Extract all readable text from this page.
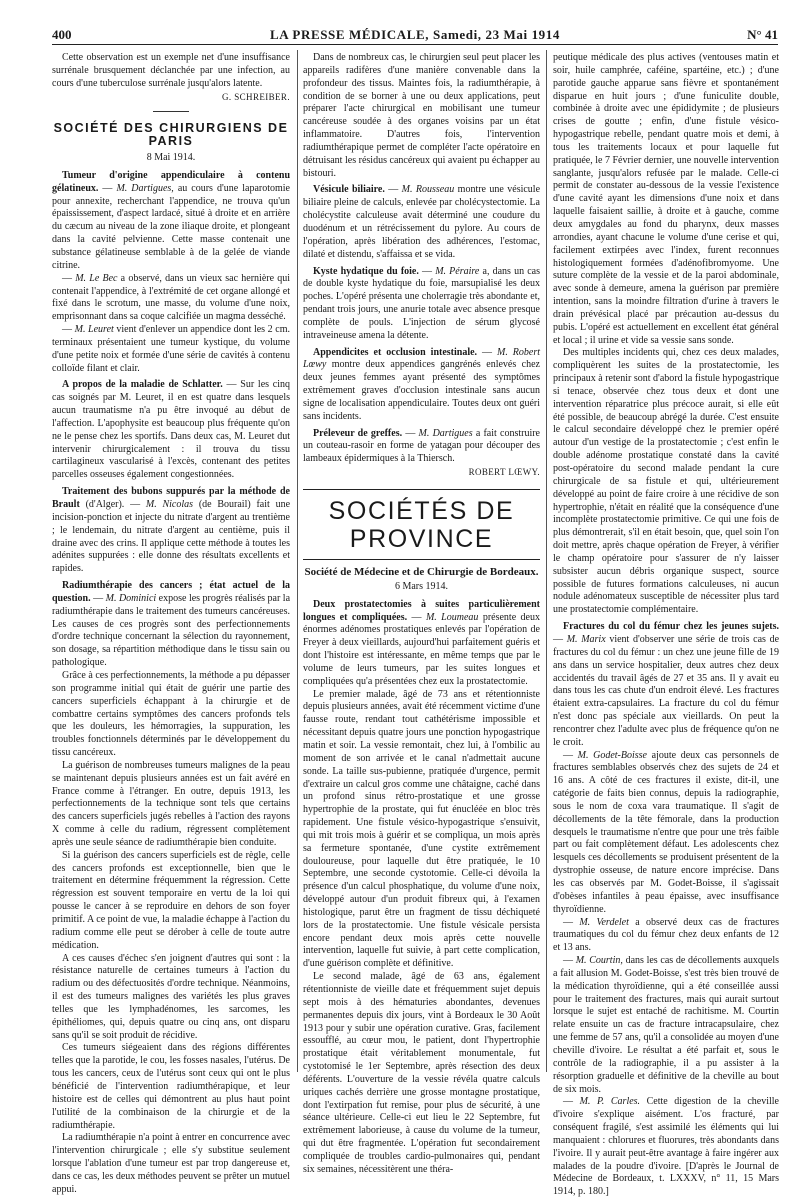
400	LA PRESSE MÉDICALE, Samedi, 23 Mai 1914	N° 41

Cette observation est un exemple net d'une insuffisance surrénale brusquement déclanchée par une infection, au cours d'une tuberculose surrénale jusqu'alors latente.

G. SCHREIBER.

SOCIÉTÉ DES CHIRURGIENS DE PARIS
8 Mai 1914.

Tumeur d'origine appendiculaire à contenu gélatineux. — M. Dartigues, au cours d'une laparotomie pour annexite, recherchant l'appendice, ne trouva qu'un épaississement, d'aspect lardacé, situé à droite et en arrière du cæcum au niveau de la zone iliaque droite, et plongeant dans la cavité pelvienne. Cette masse contenait une substance gélatineuse semblable à de la gelée de viande citrine.

— M. Le Bec a observé, dans un vieux sac hernière qui contenait l'appendice, à l'extrémité de cet organe allongé et fixé dans le scrotum, une masse, du volume d'une noix, emprisonnant dans sa coque calcifiée un magma desséché.

— M. Leuret vient d'enlever un appendice dont les 2 cm. terminaux présentaient une tumeur kystique, du volume d'une petite noix et formée d'une série de cavités à contenu colloïde filant et clair.

A propos de la maladie de Schlatter. — Sur les cinq cas soignés par M. Leuret, il en est quatre dans lesquels aucun traumatisme n'a pu être invoqué au début de l'affection. L'apophysite est beaucoup plus fréquente qu'on ne le pense chez les sportifs. Dans deux cas, M. Leuret dut intervenir chirurgicalement : il trouva du tissu cartilagineux vascularisé à l'excès, contenant des petites parcelles osseuses également congestionnées.

Traitement des bubons suppurés par la méthode de Brault (d'Alger). — M. Nicolas (de Bourail) fait une incision-ponction et injecte du nitrate d'argent au trentième ; le lendemain, du nitrate d'argent au centième, puis il draine avec des crins. Il applique cette méthode à toutes les adénites suppurées : elle donne des résultats excellents et rapides.

Radiumthérapie des cancers ; état actuel de la question. — M. Dominici expose les progrès réalisés par la radiumthérapie dans le traitement des tumeurs cancéreuses. Les causes de ces progrès sont des perfectionnements d'ordre technique concernant la sélection du rayonnement, son dosage, sa répartition méthodique dans le tissu sain ou pathologique.

Grâce à ces perfectionnements, la méthode a pu dépasser son programme initial qui était de guérir une partie des cancers superficiels échappant à la chirurgie et de combattre certains symptômes des cancers profonds tels que les douleurs, les hémorragies, la suppuration, les troubles fonctionnels déterminés par le développement du tissu cancéreux.

La guérison de nombreuses tumeurs malignes de la peau se maintenant depuis plusieurs années est un fait avéré en France comme à l'étranger. En outre, depuis 1913, les perfectionnements de la technique sont tels que certains des cancers superficiels jugés rebelles à l'action des rayons X comme à celle du radium, régressent complètement après une seule séance de radiumthérapie bien conduite.

Si la guérison des cancers superficiels est de règle, celle des cancers profonds est exceptionnelle, bien que le traitement en détermine fréquemment la régression. Cette régression est souvent temporaire en vertu de la loi qui pousse le cancer à se reproduire en dehors de son foyer primitif. A ce point de vue, la maladie échappe à l'action du radium comme elle peut se dérober à celle de toute autre médication.

A ces causes d'échec s'en joignent d'autres qui sont : la résistance naturelle de certaines tumeurs à l'action du radium ou des défectuosités d'ordre technique. Néanmoins, il est des tumeurs malignes des variétés les plus graves telles que les lymphadénomes, les sarcomes, les épithéliomes, qui, depuis quatre ou cinq ans, ont disparu sans qu'il se soit produit de récidive.

Ces tumeurs siégeaient dans des régions différentes telles que la parotide, le cou, les fosses nasales, l'utérus. De tous les cancers, ceux de l'utérus sont ceux qui ont le plus bénéficié de l'intervention radiumthérapique, et leur histoire est de celles qui démontrent au plus haut point l'utilité de la combinaison de la chirurgie et de la radiumthérapie.

La radiumthérapie n'a point à entrer en concurrence avec l'intervention chirurgicale ; elle s'y substitue seulement lorsque l'ablation d'une tumeur est par trop dangereuse et, dans ce cas, les deux méthodes peuvent se prêter un mutuel appui.

Dans de nombreux cas, le chirurgien seul peut placer les appareils radifères d'une manière convenable dans la profondeur des tissus. Maintes fois, la radiumthérapie, à condition de se borner à une ou deux applications, peut préparer l'acte chirurgical en mobilisant une tumeur cancéreuse soudée à des organes voisins par un état inflammatoire. D'autres fois, l'intervention radiumthérapique permet de compléter l'acte opératoire en détruisant les résidus cancéreux qui avaient pu échapper au bistouri.

Vésicule biliaire. — M. Rousseau montre une vésicule biliaire pleine de calculs, enlevée par cholécystectomie. La cholécystite calculeuse avait déterminé une coudure du duodénum et un rétrécissement du pylore. Au cours de l'opération, après libération des adhérences, l'estomac, dilaté et distendu, s'affaissa et se vida.

Kyste hydatique du foie. — M. Péraire a, dans un cas de double kyste hydatique du foie, marsupialisé les deux poches. L'opéré présenta une cholerragie très abondante et, pendant trois jours, une anurie totale avec absence presque complète de pouls. L'injection de sérum glycosé intraveineuse amena la détente.

Appendicites et occlusion intestinale. — M. Robert Lœwy montre deux appendices gangrénés enlevés chez deux jeunes femmes ayant présenté des symptômes extrêmement graves d'occlusion intestinale sans aucun signe de localisation appendiculaire. Toutes deux ont guéri sans incidents.

Préleveur de greffes. — M. Dartigues a fait construire un couteau-rasoir en forme de yatagan pour découper des lambeaux épidermiques à la Thiersch.

ROBERT LŒWY.

SOCIÉTÉS DE PROVINCE
Société de Médecine et de Chirurgie de Bordeaux.
6 Mars 1914.

Deux prostatectomies à suites particulièrement longues et compliquées. — M. Loumeau présente deux énormes adénomes prostatiques enlevés par l'opération de Freyer à deux vieillards, aujourd'hui parfaitement guéris et dont l'histoire est intéressante, en même temps que par le volume de leurs tumeurs, par les suites longues et compliquées qu'a présentées chez eux la prostatectomie.

Le premier malade, âgé de 73 ans et rétentionniste depuis plusieurs années, avait été récemment victime d'une fausse route, rendant tout cathétérisme impossible et nécessitant depuis quatre jours une ponction hypogastrique matin et soir. La vessie remontait, chez lui, à l'ombilic au moment de son arrivée et le canal n'admettait aucune sonde. La taille sus-pubienne, pratiquée d'urgence, permit d'extraire un calcul gros comme une châtaigne, caché dans un profond sinus rétro-prostatique et une grosse hypertrophie de la prostate, qui fut énucléée en bloc très rapidement. Une fistule vésico-hypogastrique s'ensuivit, qui mit trois mois à guérir et se compliqua, un mois après sa fermeture spontanée, d'une cystite extrêmement douloureuse, pour laquelle dut être pratiquée, le 10 Septembre, une seconde cystotomie. Celle-ci dévoila la présence d'un calcul phosphatique, du volume d'une noix, développé autour d'un produit fibreux qui, à l'examen histologique, parut être un fragment de tissu déchiqueté lors de la prostatectomie. Une fistule vésicale persista encore pendant deux mois après cette nouvelle intervention, laquelle fut suivie, à part cette complication, d'une guérison complète et définitive.

Le second malade, âgé de 63 ans, également rétentionniste de vieille date et fréquemment sujet depuis sept mois à des hématuries abondantes, devenues permanentes depuis dix jours, vint à Bordeaux le 30 Août 1913 pour y subir une opération curative. Gras, facilement essoufflé, au cœur mou, le patient, dont l'hypertrophie prostatique était véritablement monumentale, fut cystotomisé le 1er Septembre, après résection des deux déférents. L'ouverture de la vessie révéla quatre calculs uriques cachés derrière une grosse montagne prostatique, dont l'extirpation fut remise, pour plus de sécurité, à une séance ultérieure. Celle-ci eut lieu le 22 Septembre, fut extrêmement laborieuse, à cause du volume de la tumeur, qui dut être fragmentée. L'opération fut secondairement compliquée de troubles cardio-pulmonaires qui, pendant six semaines, nécessitèrent une théra-

peutique médicale des plus actives (ventouses matin et soir, huile camphrée, caféine, spartéine, etc.) ; d'une parotide gauche apparue sans fièvre et spontanément disparue en huit jours ; d'une funiculite double, combinée à droite avec une épididymite ; de plusieurs crises de goutte ; enfin, d'une fistule vésico-hypogastrique rebelle, pendant quatre mois et demi, à tous les traitements locaux et pour laquelle fut pratiquée, le 7 Février dernier, une nouvelle intervention sanglante, jusqu'alors refusée par le malade. Celle-ci permit de constater au-dessous de la vessie l'existence d'une cavité ayant les dimensions d'une noix et dans laquelle faisaient saillie, à droite et à gauche, comme deux amygdales au fond du pharynx, deux masses arrondies, ayant chacune le volume d'une cerise et qui, facilement extirpées avec l'index, furent reconnues histologiquement formées d'adénofibromyome. Une suture complète de la vessie et de la paroi abdominale, avec sonde à demeure, amena la guérison par première intention, sans la moindre filtration d'urine à travers le drain prévésical placé par précaution au-dessus du pubis. L'opéré est actuellement en excellent état général et local ; il urine et vide sa vessie sans sonde.

Des multiples incidents qui, chez ces deux malades, compliquèrent les suites de la prostatectomie, les principaux à retenir sont d'abord la fistule hypogastrique si tenace, observée chez tous deux et dont une intervention réparatrice plus précoce aurait, si elle eût été possible, de beaucoup abrégé la durée. C'est ensuite le calcul secondaire développé chez le premier opéré autour d'un vestige de la prostatectomie ; c'est enfin le double adénome prostatique constaté dans la cavité post-opératoire du second malade pendant la cure chirurgicale de sa fistule et qui, ultérieurement développé au point de faire croire à une récidive de son hypertrophie, n'était en réalité que la conséquence d'une incomplète prostatectomie primitive. Ce qui une fois de plus démontrerait, s'il en était besoin, que, quel soin l'on doit mettre, après chaque opération de Freyer, à vérifier le champ opératoire pour s'assurer de n'y laisser subsister aucun débris organique suspect, source possible de futures formations calculeuses, ni aucun nodule adénomateux susceptible de nécessiter plus tard une prostatectomie complémentaire.

Fractures du col du fémur chez les jeunes sujets. — M. Marix vient d'observer une série de trois cas de fractures du col du fémur : un chez une jeune fille de 19 ans dans un service hospitalier, deux autres chez deux accidentés du travail âgés de 27 et 35 ans. Il y avait eu dans tous les cas chute d'un endroit élevé. Les fractures étaient extra-capsulaires. La fracture du col du fémur n'est donc pas spéciale aux vieillards. On peut la rencontrer chez l'adulte avec plus de fréquence qu'on ne le croit.

— M. Godet-Boisse ajoute deux cas personnels de fractures semblables observés chez des sujets de 24 et 16 ans. A côté de ces fractures il existe, dit-il, une catégorie de faits bien connus, depuis la radiographie, sous le nom de coxa vara traumatique. Il s'agit de décollements de la tête fémorale, dans la production desquels le traumatisme n'entre que pour une très faible part ou fait complètement défaut. Les adolescents chez lesquels ces décollements se produisent présentent de la dystrophie osseuse, de nature encore imprécise. Dans les cas observés par M. Godet-Boisse, il s'agissait d'obèses infantiles à peau épaisse, avec insuffisance thyroïdienne.

— M. Verdelet a observé deux cas de fractures traumatiques du col du fémur chez deux enfants de 12 et 13 ans.

— M. Courtin, dans les cas de décollements auxquels a fait allusion M. Godet-Boisse, s'est très bien trouvé de la médication thyroïdienne, qui a été conseillée aussi pour le traitement des fractures, mais qui aurait surtout lorsque le sujet est entaché de rachitisme. M. Courtin relate ensuite un cas de fracture intracapsulaire, chez une femme de 57 ans, qu'il a consolidée au moyen d'une cheville d'ivoire. Le résultat a été parfait et, sous le contrôle de la radiographie, il a pu assister à la résorption graduelle et définitive de la cheville au bout de six mois.

— M. P. Carles. Cette digestion de la cheville d'ivoire s'explique aisément. L'os fracturé, par conséquent fragilé, s'est assimilé les éléments qui lui manquaient : chlorures et fluorures, très abondants dans l'ivoire. Il y aurait peut-être avantage à faire ingérer aux malades de la poudre d'ivoire. [D'après le Journal de Médecine de Bordeaux, t. LXXXV, n° 11, 15 Mars 1914, p. 180.]
